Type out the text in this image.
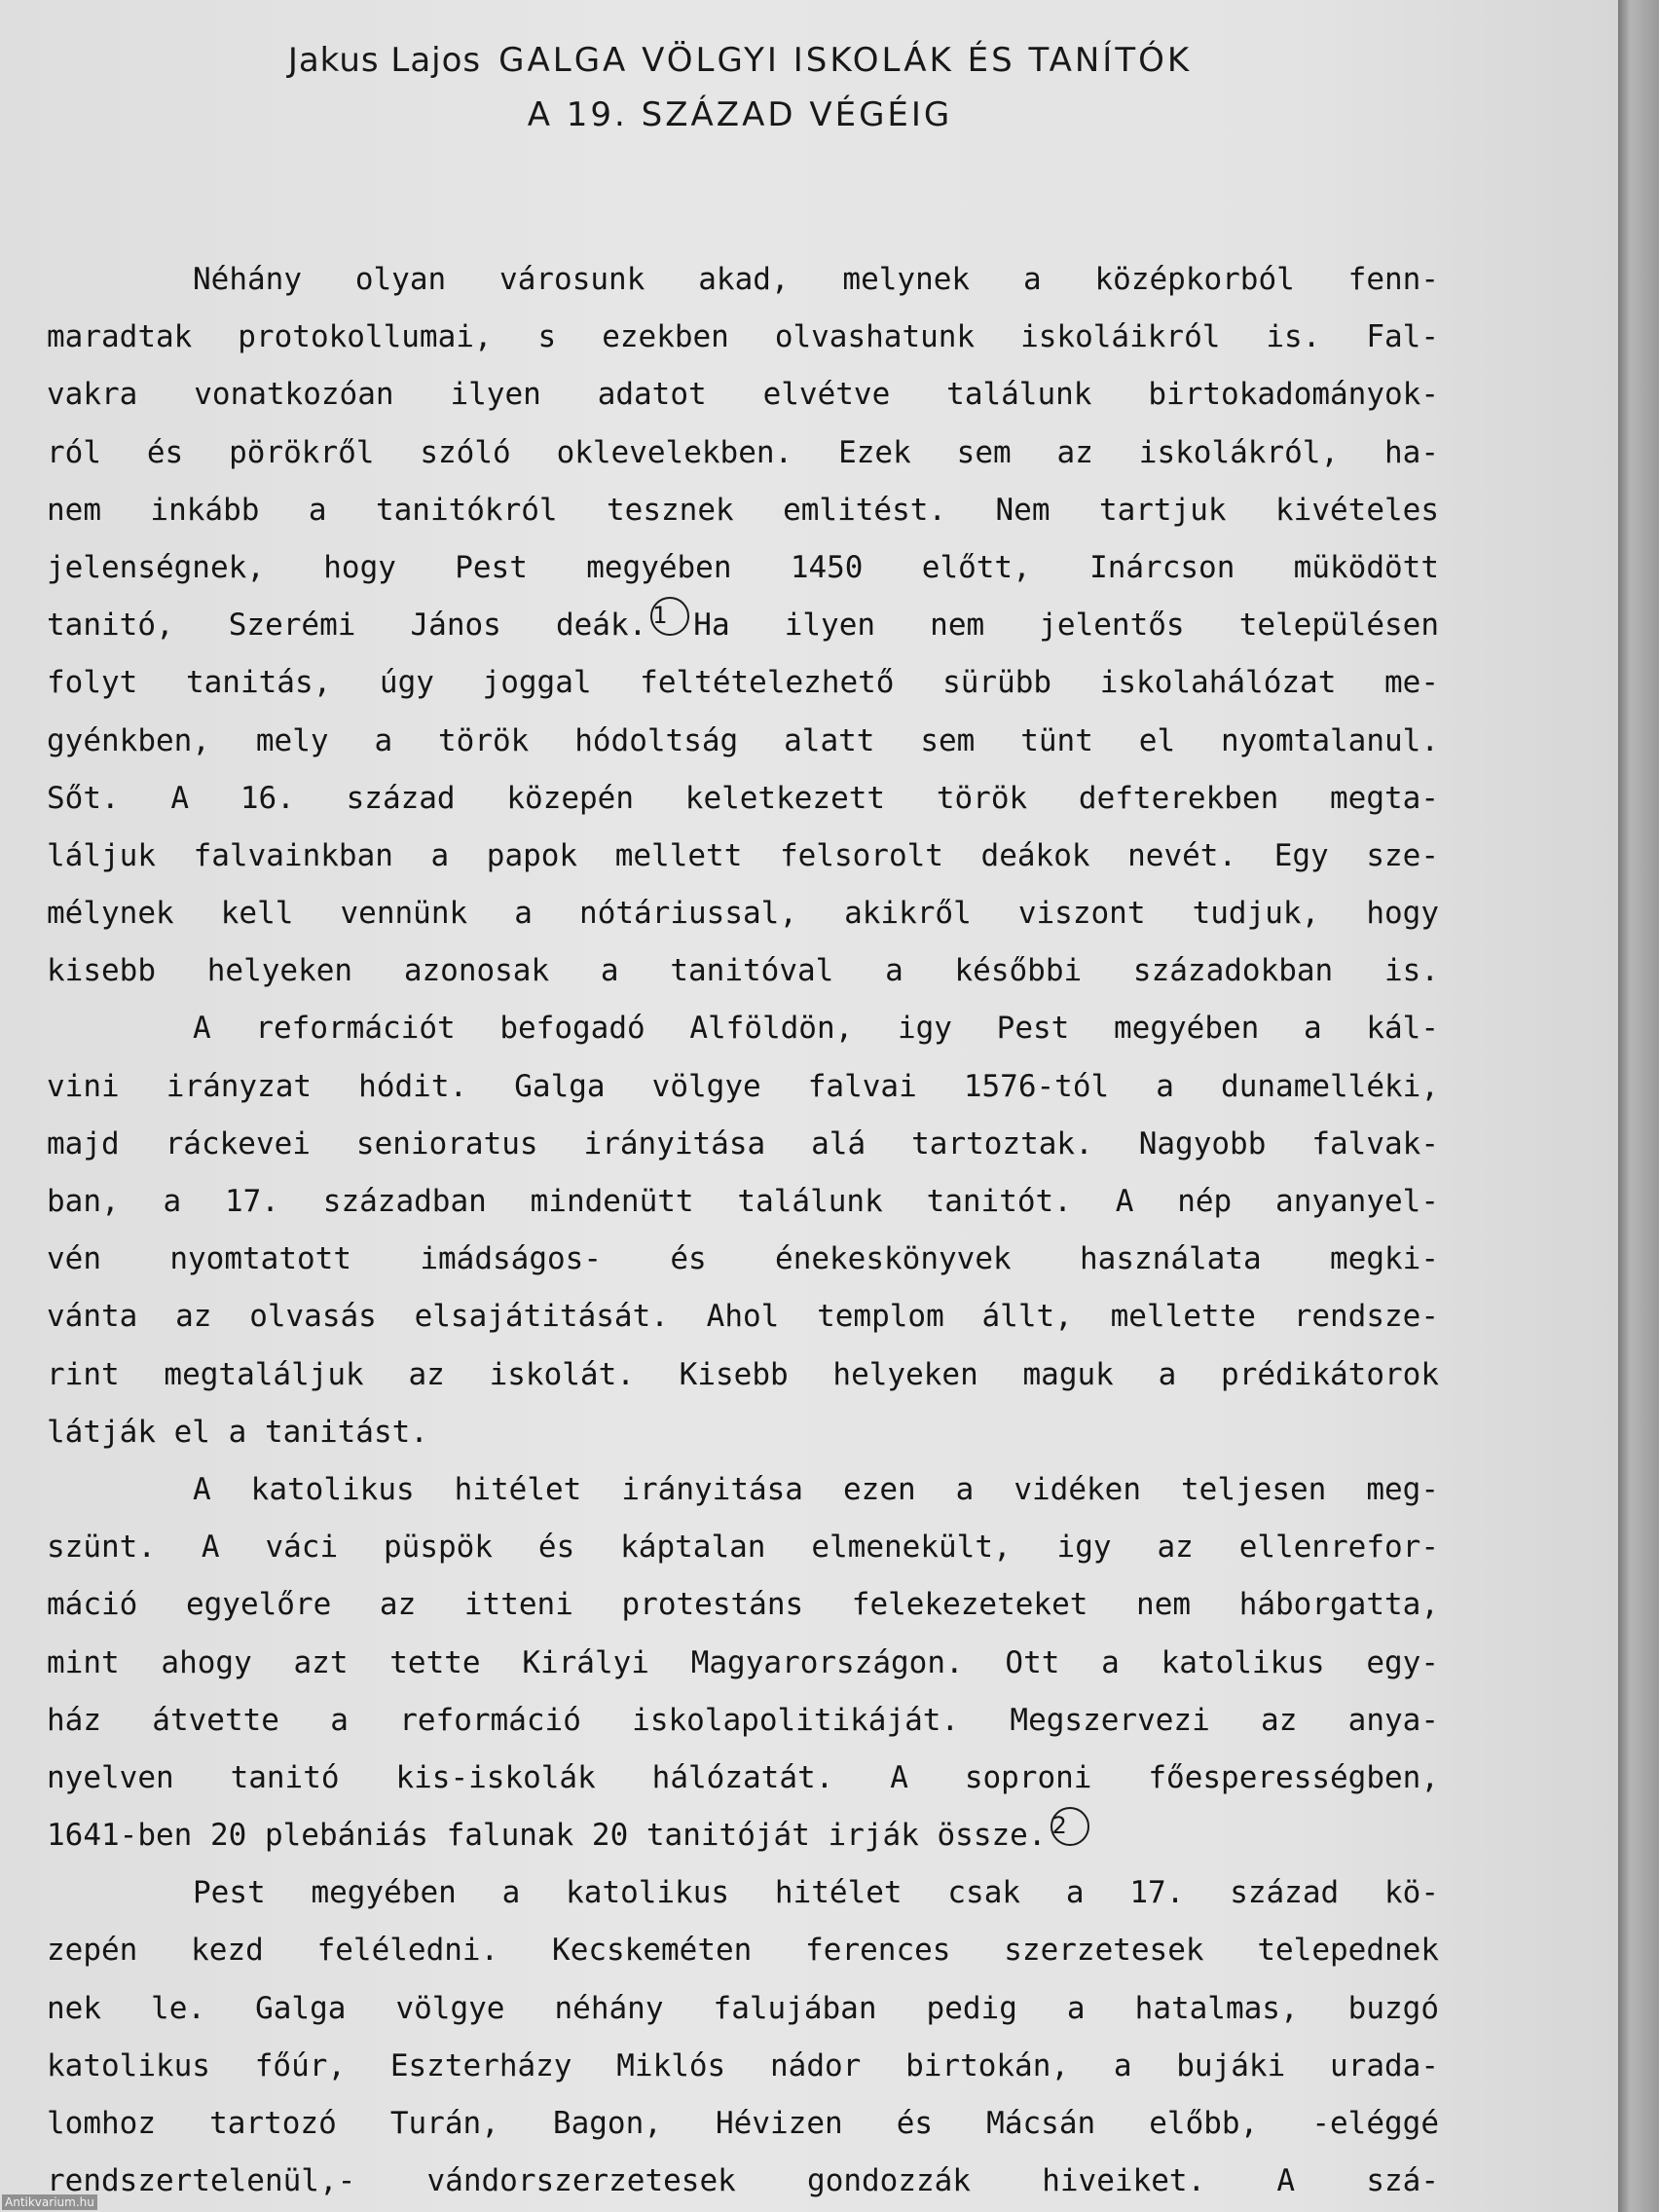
Jakus Lajos GALGA VÖLGYI ISKOLÁK ÉS TANÍTÓK
A 19. SZÁZAD VÉGÉIG
Néhány olyan városunk akad, melynek a középkorból fenn-
maradtak protokollumai, s ezekben olvashatunk iskoláikról is. Fal-
vakra vonatkozóan ilyen adatot elvétve találunk birtokadományok-
ról és pörökről szóló oklevelekben. Ezek sem az iskolákról, ha-
nem inkább a tanitókról tesznek emlitést. Nem tartjuk kivételes
jelenségnek, hogy Pest megyében 1450 előtt, Inárcson müködött
tanitó, Szerémi János deák. 1 Ha ilyen nem jelentős településen
folyt tanitás, úgy joggal feltételezhető sürübb iskolahálózat me-
gyénkben, mely a török hódoltság alatt sem tünt el nyomtalanul.
Sőt. A 16. század közepén keletkezett török defterekben megta-
láljuk falvainkban a papok mellett felsorolt deákok nevét. Egy sze-
mélynek kell vennünk a nótáriussal, akikről viszont tudjuk, hogy
kisebb helyeken azonosak a tanitóval a későbbi századokban is.
A reformációt befogadó Alföldön, igy Pest megyében a kál-
vini irányzat hódit. Galga völgye falvai 1576-tól a dunamelléki,
majd ráckevei senioratus irányitása alá tartoztak. Nagyobb falvak-
ban, a 17. században mindenütt találunk tanitót. A nép anyanyel-
vén nyomtatott imádságos- és énekeskönyvek használata megki-
vánta az olvasás elsajátitását. Ahol templom állt, mellette rendsze-
rint megtaláljuk az iskolát. Kisebb helyeken maguk a prédikátorok
látják el a tanitást.
A katolikus hitélet irányitása ezen a vidéken teljesen meg-
szünt. A váci püspök és káptalan elmenekült, igy az ellenrefor-
máció egyelőre az itteni protestáns felekezeteket nem háborgatta,
mint ahogy azt tette Királyi Magyarországon. Ott a katolikus egy-
ház átvette a reformáció iskolapolitikáját. Megszervezi az anya-
nyelven tanitó kis-iskolák hálózatát. A soproni főesperességben,
1641-ben 20 plebániás falunak 20 tanitóját irják össze. 2
Pest megyében a katolikus hitélet csak a 17. század kö-
zepén kezd feléledni. Kecskeméten ferences szerzetesek telepednek
nek le. Galga völgye néhány falujában pedig a hatalmas, buzgó
katolikus főúr, Eszterházy Miklós nádor birtokán, a bujáki urada-
lomhoz tartozó Turán, Bagon, Hévizen és Mácsán előbb, -eléggé
rendszertelenül,- vándorszerzetesek gondozzák hiveiket. A szá-
Antikvarium.hu
